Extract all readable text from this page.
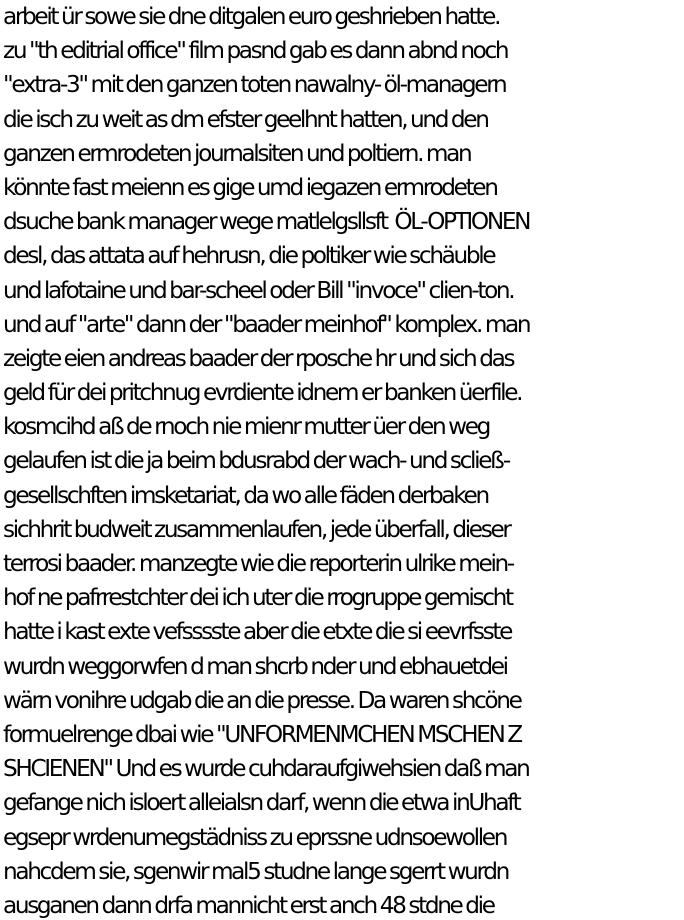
arbeit ür sowe sie dne ditgalen euro geshrieben hatte.
zu "th editrial office" film pasnd gab es dann abnd noch
"extra-3" mit den ganzen toten nawalny- öl-managern
die isch zu weit as dm efster geelhnt hatten, und den
ganzen ermrodeten journalsiten und poltiern. man
könnte fast meienn es gige umd iegazen ermrodeten
dsuche bank manager wege matlelgsllsft  ÖL-OPTIONEN
desl, das attata auf hehrusn, die poltiker wie schäuble
und lafotaine und bar-scheel oder Bill "invoce" clien-ton.
und auf "arte" dann der "baader meinhof" komplex. man
zeigte eien andreas baader der rposche hr und sich das
geld für dei pritchnug evrdiente idnem er banken üerfile.
kosmcihd aß de rnoch nie mienr mutter üer den weg
gelaufen ist die ja beim bdusrabd der wach- und scließ-
gesellschften imsketariat, da wo alle fäden derbaken
sichhrit budweit zusammenlaufen, jede überfall, dieser
terrosi baader. manzegte wie die reporterin ulrike mein-
hof ne pafrrestchter dei ich uter die rrogruppe gemischt
hatte i kast exte vefsssste aber die etxte die si eevrfsste
wurdn weggorwfen d man shcrb nder und ebhauetdei
wärn vonihre udgab die an die presse. Da waren shcöne
formuelrenge dbai wie "UNFORMENMCHEN MSCHEN Z
SHCIENEN" Und es wurde cuhdaraufgiwehsien daß man
gefange nich isloert alleialsn darf, wenn die etwa inUhaft
egsepr wrdenumegstädniss zu eprssne udnsoewollen
nahcdem sie, sgenwir mal5 studne lange sgerrt wurdn
ausganen dann drfa mannicht erst anch 48 stdne die
